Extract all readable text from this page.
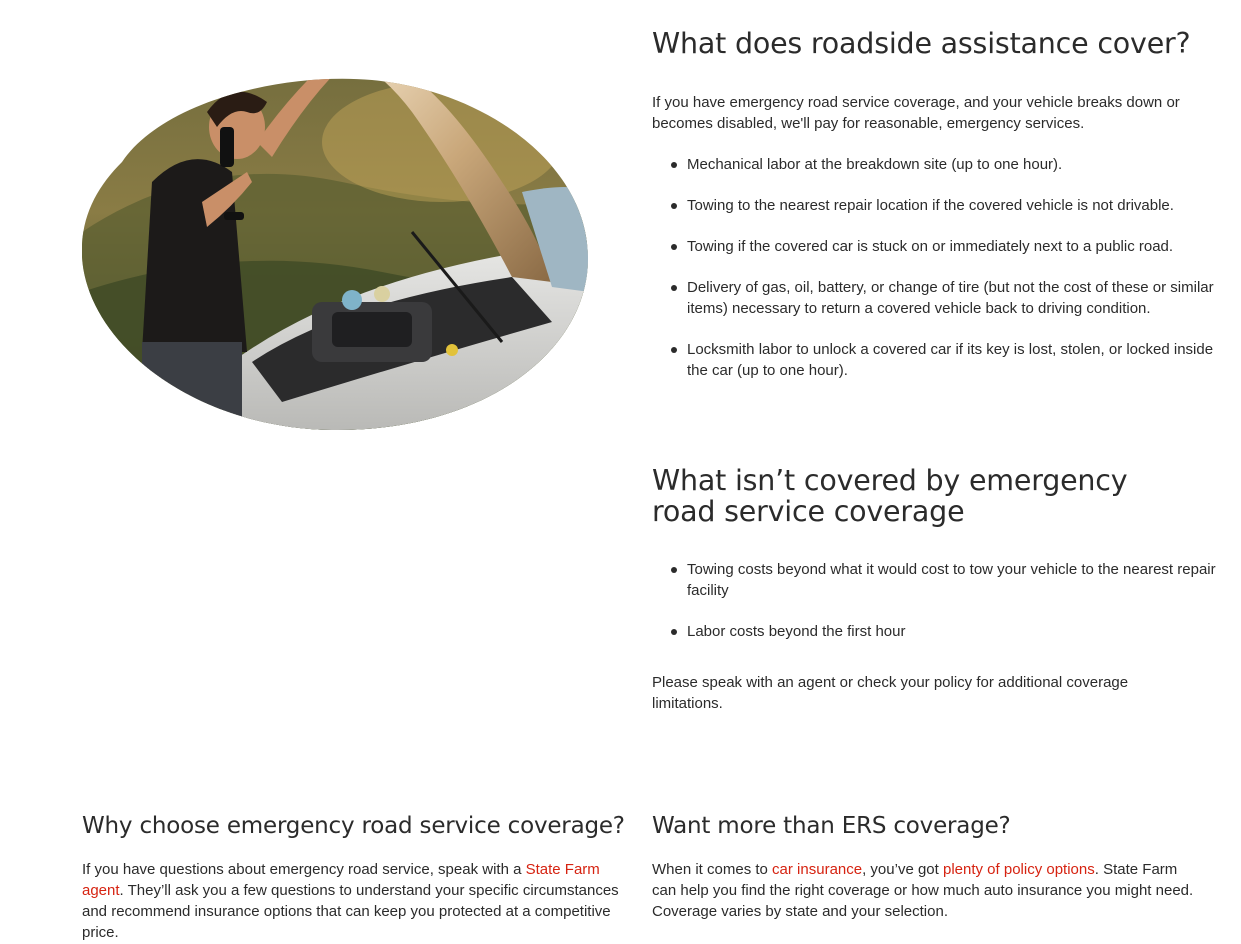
What does roadside assistance cover?

If you have emergency road service coverage, and your vehicle breaks down or becomes disabled, we'll pay for reasonable, emergency services.

Mechanical labor at the breakdown site (up to one hour).
Towing to the nearest repair location if the covered vehicle is not drivable.
Towing if the covered car is stuck on or immediately next to a public road.
Delivery of gas, oil, battery, or change of tire (but not the cost of these or similar items) necessary to return a covered vehicle back to driving condition.
Locksmith labor to unlock a covered car if its key is lost, stolen, or locked inside the car (up to one hour).
What isn’t covered by emergency road service coverage
Towing costs beyond what it would cost to tow your vehicle to the nearest repair facility
Labor costs beyond the first hour

Please speak with an agent or check your policy for additional coverage limitations.

Why choose emergency road service coverage?

If you have questions about emergency road service, speak with a State Farm agent. They’ll ask you a few questions to understand your specific circumstances and recommend insurance options that can keep you protected at a competitive price.

Want more than ERS coverage?

When it comes to car insurance, you’ve got plenty of policy options. State Farm can help you find the right coverage or how much auto insurance you might need. Coverage varies by state and your selection.
